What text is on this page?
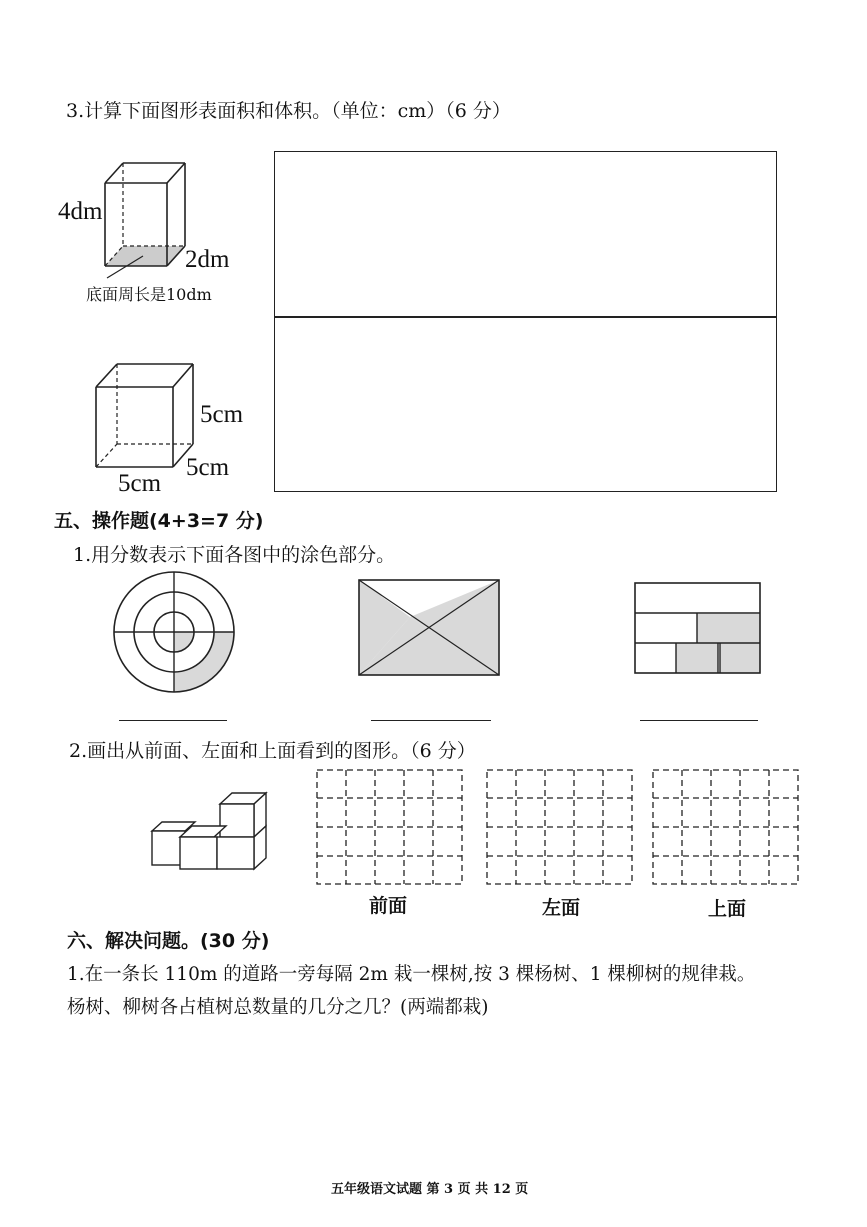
3.计算下面图形表面积和体积。（单位：cm）（6 分）
4dm
2dm
底面周长是10dm
5cm
5cm
5cm
五、操作题(4+3=7 分)
1.用分数表示下面各图中的涂色部分。
2.画出从前面、左面和上面看到的图形。（6 分）
前面	左面	上面
六、解决问题。(30 分)
1.在一条长 110m 的道路一旁每隔 2m 栽一棵树,按 3 棵杨树、1 棵柳树的规律栽。
杨树、柳树各占植树总数量的几分之几？(两端都栽)
五年级语文试题 第 3 页 共 12 页
